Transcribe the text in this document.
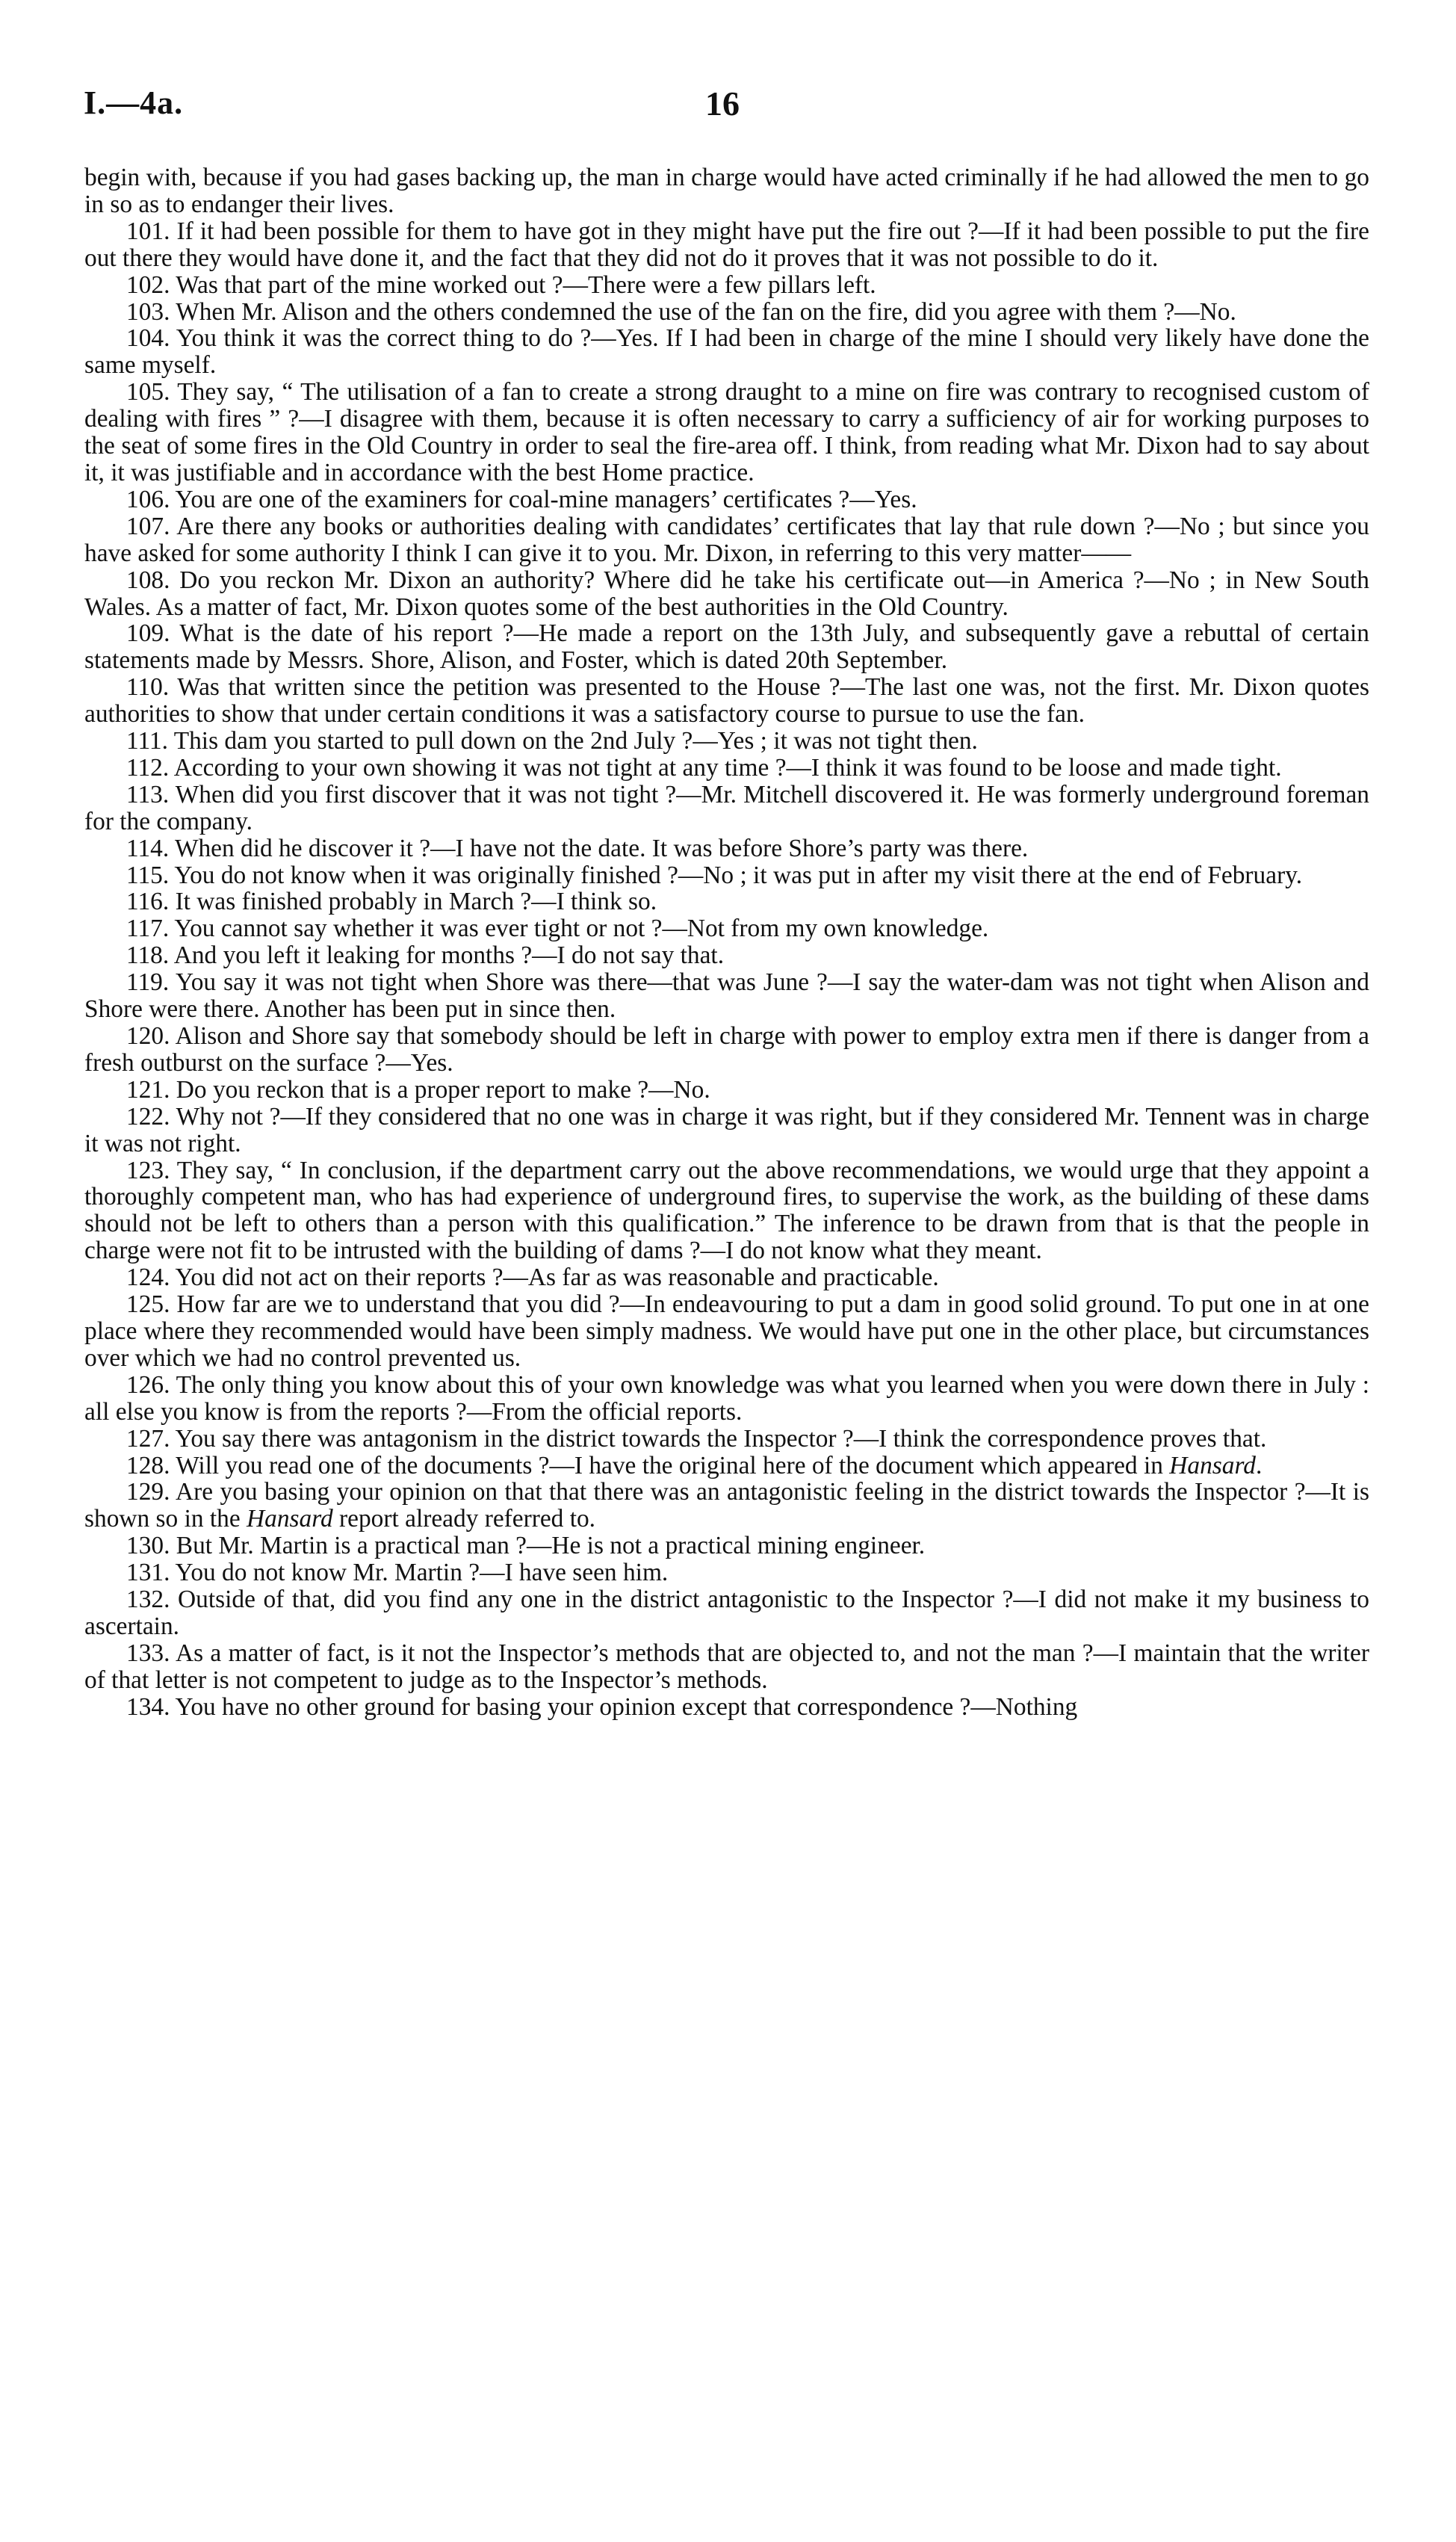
I.—4a.	16

begin with, because if you had gases backing up, the man in charge would have acted criminally if he had allowed the men to go in so as to endanger their lives.

101. If it had been possible for them to have got in they might have put the fire out ?—If it had been possible to put the fire out there they would have done it, and the fact that they did not do it proves that it was not possible to do it.

102. Was that part of the mine worked out ?—There were a few pillars left.

103. When Mr. Alison and the others condemned the use of the fan on the fire, did you agree with them ?—No.

104. You think it was the correct thing to do ?—Yes. If I had been in charge of the mine I should very likely have done the same myself.

105. They say, “ The utilisation of a fan to create a strong draught to a mine on fire was contrary to recognised custom of dealing with fires ” ?—I disagree with them, because it is often necessary to carry a sufficiency of air for working purposes to the seat of some fires in the Old Country in order to seal the fire-area off. I think, from reading what Mr. Dixon had to say about it, it was justifiable and in accordance with the best Home practice.

106. You are one of the examiners for coal-mine managers’ certificates ?—Yes.

107. Are there any books or authorities dealing with candidates’ certificates that lay that rule down ?—No ; but since you have asked for some authority I think I can give it to you. Mr. Dixon, in referring to this very matter——

108. Do you reckon Mr. Dixon an authority? Where did he take his certificate out—in America ?—No ; in New South Wales. As a matter of fact, Mr. Dixon quotes some of the best authorities in the Old Country.

109. What is the date of his report ?—He made a report on the 13th July, and subsequently gave a rebuttal of certain statements made by Messrs. Shore, Alison, and Foster, which is dated 20th September.

110. Was that written since the petition was presented to the House ?—The last one was, not the first. Mr. Dixon quotes authorities to show that under certain conditions it was a satisfactory course to pursue to use the fan.

111. This dam you started to pull down on the 2nd July ?—Yes ; it was not tight then.

112. According to your own showing it was not tight at any time ?—I think it was found to be loose and made tight.

113. When did you first discover that it was not tight ?—Mr. Mitchell discovered it. He was formerly underground foreman for the company.

114. When did he discover it ?—I have not the date. It was before Shore’s party was there.

115. You do not know when it was originally finished ?—No ; it was put in after my visit there at the end of February.

116. It was finished probably in March ?—I think so.

117. You cannot say whether it was ever tight or not ?—Not from my own knowledge.

118. And you left it leaking for months ?—I do not say that.

119. You say it was not tight when Shore was there—that was June ?—I say the water-dam was not tight when Alison and Shore were there. Another has been put in since then.

120. Alison and Shore say that somebody should be left in charge with power to employ extra men if there is danger from a fresh outburst on the surface ?—Yes.

121. Do you reckon that is a proper report to make ?—No.

122. Why not ?—If they considered that no one was in charge it was right, but if they considered Mr. Tennent was in charge it was not right.

123. They say, “ In conclusion, if the department carry out the above recommendations, we would urge that they appoint a thoroughly competent man, who has had experience of underground fires, to supervise the work, as the building of these dams should not be left to others than a person with this qualification.” The inference to be drawn from that is that the people in charge were not fit to be intrusted with the building of dams ?—I do not know what they meant.

124. You did not act on their reports ?—As far as was reasonable and practicable.

125. How far are we to understand that you did ?—In endeavouring to put a dam in good solid ground. To put one in at one place where they recommended would have been simply madness. We would have put one in the other place, but circumstances over which we had no control prevented us.

126. The only thing you know about this of your own knowledge was what you learned when you were down there in July : all else you know is from the reports ?—From the official reports.

127. You say there was antagonism in the district towards the Inspector ?—I think the correspondence proves that.

128. Will you read one of the documents ?—I have the original here of the document which appeared in Hansard.

129. Are you basing your opinion on that that there was an antagonistic feeling in the district towards the Inspector ?—It is shown so in the Hansard report already referred to.

130. But Mr. Martin is a practical man ?—He is not a practical mining engineer.

131. You do not know Mr. Martin ?—I have seen him.

132. Outside of that, did you find any one in the district antagonistic to the Inspector ?—I did not make it my business to ascertain.

133. As a matter of fact, is it not the Inspector’s methods that are objected to, and not the man ?—I maintain that the writer of that letter is not competent to judge as to the Inspector’s methods.

134. You have no other ground for basing your opinion except that correspondence ?—Nothing
